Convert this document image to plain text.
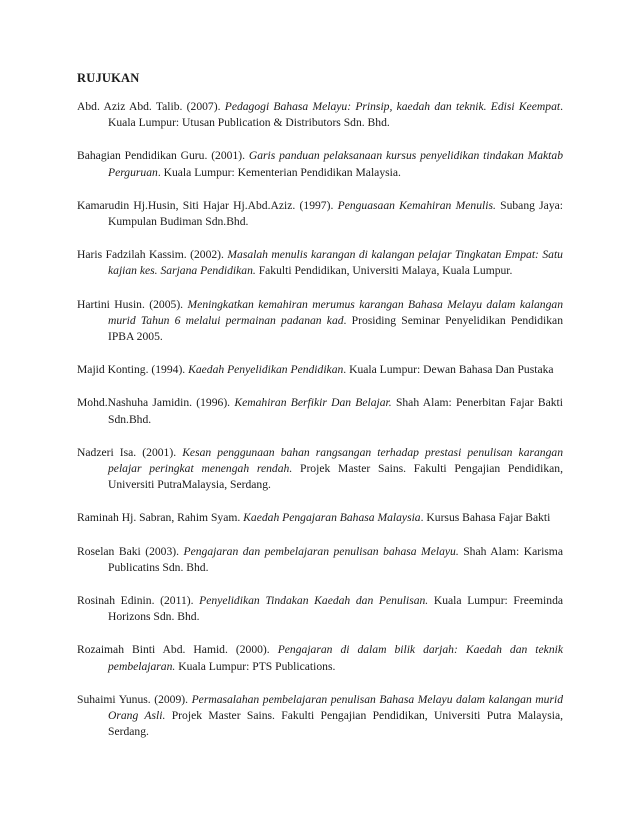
RUJUKAN
Abd. Aziz Abd. Talib. (2007). Pedagogi Bahasa Melayu: Prinsip, kaedah dan teknik. Edisi Keempat. Kuala Lumpur: Utusan Publication & Distributors Sdn. Bhd.
Bahagian Pendidikan Guru. (2001). Garis panduan pelaksanaan kursus penyelidikan tindakan Maktab Perguruan. Kuala Lumpur: Kementerian Pendidikan Malaysia.
Kamarudin Hj.Husin, Siti Hajar Hj.Abd.Aziz. (1997). Penguasaan Kemahiran Menulis. Subang Jaya: Kumpulan Budiman Sdn.Bhd.
Haris Fadzilah Kassim. (2002). Masalah menulis karangan di kalangan pelajar Tingkatan Empat: Satu kajian kes. Sarjana Pendidikan. Fakulti Pendidikan, Universiti Malaya, Kuala Lumpur.
Hartini Husin. (2005). Meningkatkan kemahiran merumus karangan Bahasa Melayu dalam kalangan murid Tahun 6 melalui permainan padanan kad. Prosiding Seminar Penyelidikan Pendidikan IPBA 2005.
Majid Konting. (1994). Kaedah Penyelidikan Pendidikan. Kuala Lumpur: Dewan Bahasa Dan Pustaka
Mohd.Nashuha Jamidin. (1996). Kemahiran Berfikir Dan Belajar. Shah Alam: Penerbitan Fajar Bakti Sdn.Bhd.
Nadzeri Isa. (2001). Kesan penggunaan bahan rangsangan terhadap prestasi penulisan karangan pelajar peringkat menengah rendah. Projek Master Sains. Fakulti Pengajian Pendidikan, Universiti PutraMalaysia, Serdang.
Raminah Hj. Sabran, Rahim Syam. Kaedah Pengajaran Bahasa Malaysia. Kursus Bahasa Fajar Bakti
Roselan Baki (2003). Pengajaran dan pembelajaran penulisan bahasa Melayu. Shah Alam: Karisma Publicatins Sdn. Bhd.
Rosinah Edinin. (2011). Penyelidikan Tindakan Kaedah dan Penulisan. Kuala Lumpur: Freeminda Horizons Sdn. Bhd.
Rozaimah Binti Abd. Hamid. (2000). Pengajaran di dalam bilik darjah: Kaedah dan teknik pembelajaran. Kuala Lumpur: PTS Publications.
Suhaimi Yunus. (2009). Permasalahan pembelajaran penulisan Bahasa Melayu dalam kalangan murid Orang Asli. Projek Master Sains. Fakulti Pengajian Pendidikan, Universiti Putra Malaysia, Serdang.
